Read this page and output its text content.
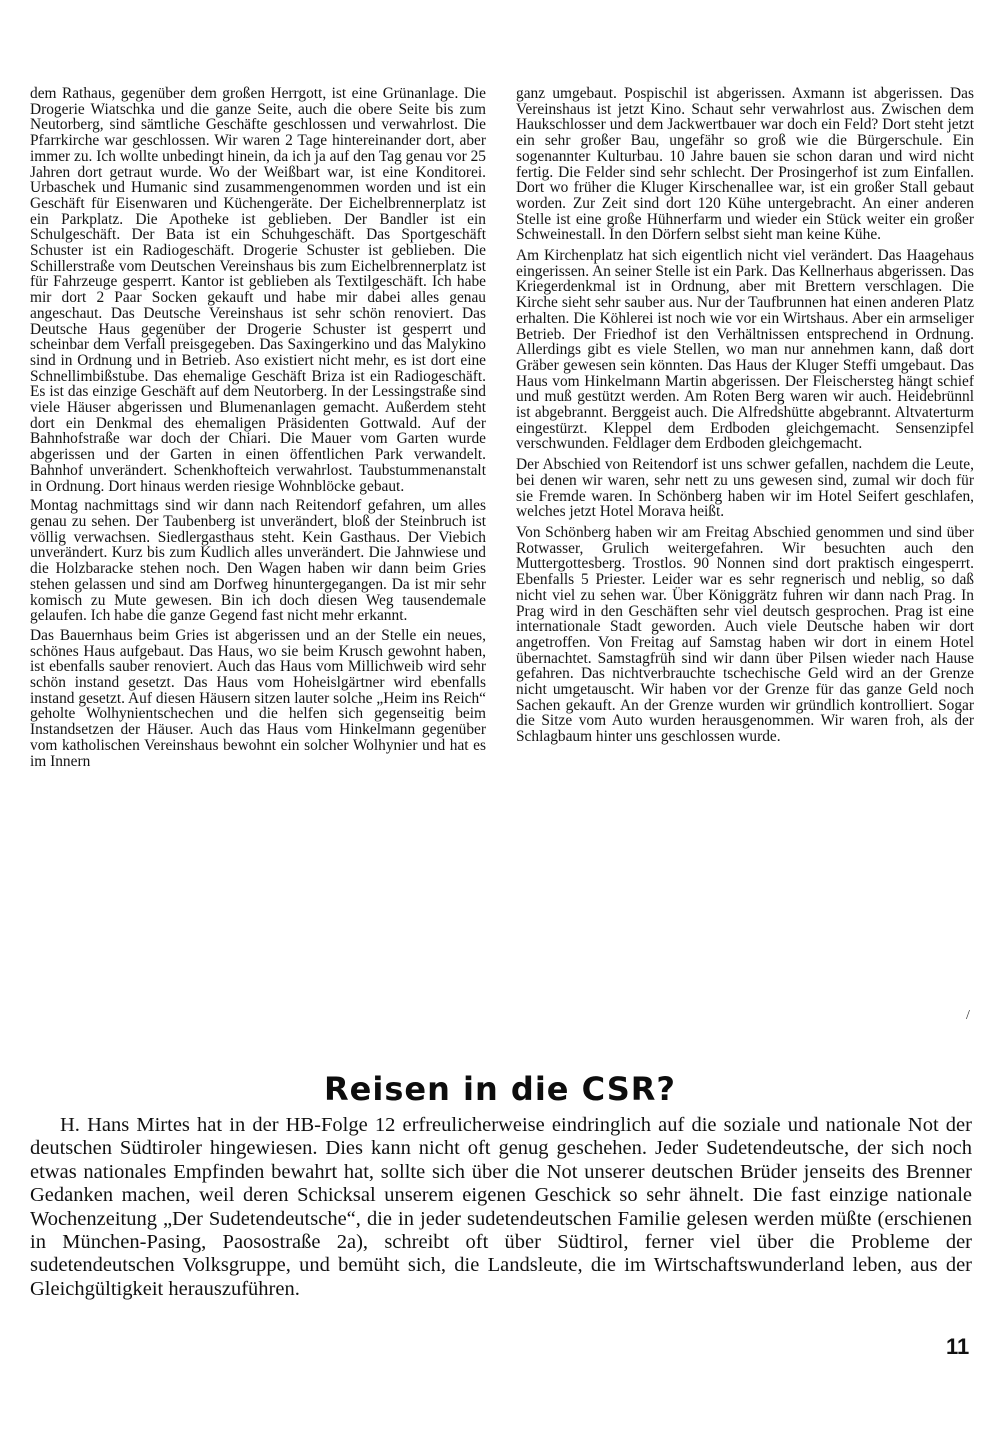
dem Rathaus, gegenüber dem großen Herrgott, ist eine Grünanlage. Die Drogerie Wiatschka und die ganze Seite, auch die obere Seite bis zum Neutorberg, sind sämtliche Geschäfte geschlossen und verwahrlost. Die Pfarrkirche war geschlossen. Wir waren 2 Tage hintereinander dort, aber immer zu. Ich wollte unbedingt hinein, da ich ja auf den Tag genau vor 25 Jahren dort getraut wurde. Wo der Weißbart war, ist eine Konditorei. Urbaschek und Humanic sind zusammengenommen worden und ist ein Geschäft für Eisenwaren und Küchengeräte. Der Eichelbrennerplatz ist ein Parkplatz. Die Apotheke ist geblieben. Der Bandler ist ein Schulgeschäft. Der Bata ist ein Schuhgeschäft. Das Sportgeschäft Schuster ist ein Radiogeschäft. Drogerie Schuster ist geblieben. Die Schillerstraße vom Deutschen Vereinshaus bis zum Eichelbrennerplatz ist für Fahrzeuge gesperrt. Kantor ist geblieben als Textilgeschäft. Ich habe mir dort 2 Paar Socken gekauft und habe mir dabei alles genau angeschaut. Das Deutsche Vereinshaus ist sehr schön renoviert. Das Deutsche Haus gegenüber der Drogerie Schuster ist gesperrt und scheinbar dem Verfall preisgegeben. Das Saxingerkino und das Malykino sind in Ordnung und in Betrieb. Aso existiert nicht mehr, es ist dort eine Schnellimbißstube. Das ehemalige Geschäft Briza ist ein Radiogeschäft. Es ist das einzige Geschäft auf dem Neutorberg. In der Lessingstraße sind viele Häuser abgerissen und Blumenanlagen gemacht. Außerdem steht dort ein Denkmal des ehemaligen Präsidenten Gottwald. Auf der Bahnhofstraße war doch der Chiari. Die Mauer vom Garten wurde abgerissen und der Garten in einen öffentlichen Park verwandelt. Bahnhof unverändert. Schenkhofteich verwahrlost. Taubstummenanstalt in Ordnung. Dort hinaus werden riesige Wohnblöcke gebaut.

Montag nachmittags sind wir dann nach Reitendorf gefahren, um alles genau zu sehen. Der Taubenberg ist unverändert, bloß der Steinbruch ist völlig verwachsen. Siedlergasthaus steht. Kein Gasthaus. Der Viebich unverändert. Kurz bis zum Kudlich alles unverändert. Die Jahnwiese und die Holzbaracke stehen noch. Den Wagen haben wir dann beim Gries stehen gelassen und sind am Dorfweg hinuntergegangen. Da ist mir sehr komisch zu Mute gewesen. Bin ich doch diesen Weg tausendemale gelaufen. Ich habe die ganze Gegend fast nicht mehr erkannt.

Das Bauernhaus beim Gries ist abgerissen und an der Stelle ein neues, schönes Haus aufgebaut. Das Haus, wo sie beim Krusch gewohnt haben, ist ebenfalls sauber renoviert. Auch das Haus vom Millichweib wird sehr schön instand gesetzt. Das Haus vom Hoheislgärtner wird ebenfalls instand gesetzt. Auf diesen Häusern sitzen lauter solche „Heim ins Reich“ geholte Wolhynientschechen und die helfen sich gegenseitig beim Instandsetzen der Häuser. Auch das Haus vom Hinkelmann gegenüber vom katholischen Vereinshaus bewohnt ein solcher Wolhynier und hat es im Innern

ganz umgebaut. Pospischil ist abgerissen. Axmann ist abgerissen. Das Vereinshaus ist jetzt Kino. Schaut sehr verwahrlost aus. Zwischen dem Haukschlosser und dem Jackwertbauer war doch ein Feld? Dort steht jetzt ein sehr großer Bau, ungefähr so groß wie die Bürgerschule. Ein sogenannter Kulturbau. 10 Jahre bauen sie schon daran und wird nicht fertig. Die Felder sind sehr schlecht. Der Prosingerhof ist zum Einfallen. Dort wo früher die Kluger Kirschenallee war, ist ein großer Stall gebaut worden. Zur Zeit sind dort 120 Kühe untergebracht. An einer anderen Stelle ist eine große Hühnerfarm und wieder ein Stück weiter ein großer Schweinestall. In den Dörfern selbst sieht man keine Kühe.

Am Kirchenplatz hat sich eigentlich nicht viel verändert. Das Haagehaus eingerissen. An seiner Stelle ist ein Park. Das Kellnerhaus abgerissen. Das Kriegerdenkmal ist in Ordnung, aber mit Brettern verschlagen. Die Kirche sieht sehr sauber aus. Nur der Taufbrunnen hat einen anderen Platz erhalten. Die Köhlerei ist noch wie vor ein Wirtshaus. Aber ein armseliger Betrieb. Der Friedhof ist den Verhältnissen entsprechend in Ordnung. Allerdings gibt es viele Stellen, wo man nur annehmen kann, daß dort Gräber gewesen sein könnten. Das Haus der Kluger Steffi umgebaut. Das Haus vom Hinkelmann Martin abgerissen. Der Fleischersteg hängt schief und muß gestützt werden. Am Roten Berg waren wir auch. Heidebrünnl ist abgebrannt. Berggeist auch. Die Alfredshütte abgebrannt. Altvaterturm eingestürzt. Kleppel dem Erdboden gleichgemacht. Sensenzipfel verschwunden. Feldlager dem Erdboden gleichgemacht.

Der Abschied von Reitendorf ist uns schwer gefallen, nachdem die Leute, bei denen wir waren, sehr nett zu uns gewesen sind, zumal wir doch für sie Fremde waren. In Schönberg haben wir im Hotel Seifert geschlafen, welches jetzt Hotel Morava heißt.

Von Schönberg haben wir am Freitag Abschied genommen und sind über Rotwasser, Grulich weitergefahren. Wir besuchten auch den Muttergottesberg. Trostlos. 90 Nonnen sind dort praktisch eingesperrt. Ebenfalls 5 Priester. Leider war es sehr regnerisch und neblig, so daß nicht viel zu sehen war. Über Königgrätz fuhren wir dann nach Prag. In Prag wird in den Geschäften sehr viel deutsch gesprochen. Prag ist eine internationale Stadt geworden. Auch viele Deutsche haben wir dort angetroffen. Von Freitag auf Samstag haben wir dort in einem Hotel übernachtet. Samstagfrüh sind wir dann über Pilsen wieder nach Hause gefahren. Das nichtverbrauchte tschechische Geld wird an der Grenze nicht umgetauscht. Wir haben vor der Grenze für das ganze Geld noch Sachen gekauft. An der Grenze wurden wir gründlich kontrolliert. Sogar die Sitze vom Auto wurden herausgenommen. Wir waren froh, als der Schlagbaum hinter uns geschlossen wurde.

/
Reisen in die CSR?

H. Hans Mirtes hat in der HB-Folge 12 erfreulicherweise eindringlich auf die soziale und nationale Not der deutschen Südtiroler hingewiesen. Dies kann nicht oft genug geschehen. Jeder Sudetendeutsche, der sich noch etwas nationales Empfinden bewahrt hat, sollte sich über die Not unserer deutschen Brüder jenseits des Brenner Gedanken machen, weil deren Schicksal unserem eigenen Geschick so sehr ähnelt. Die fast einzige nationale Wochenzeitung „Der Sudetendeutsche“, die in jeder sudetendeutschen Familie gelesen werden müßte (erschienen in München-Pasing, Paosostraße 2a), schreibt oft über Südtirol, ferner viel über die Probleme der sudetendeutschen Volksgruppe, und bemüht sich, die Landsleute, die im Wirtschaftswunderland leben, aus der Gleichgültigkeit herauszuführen.

11
